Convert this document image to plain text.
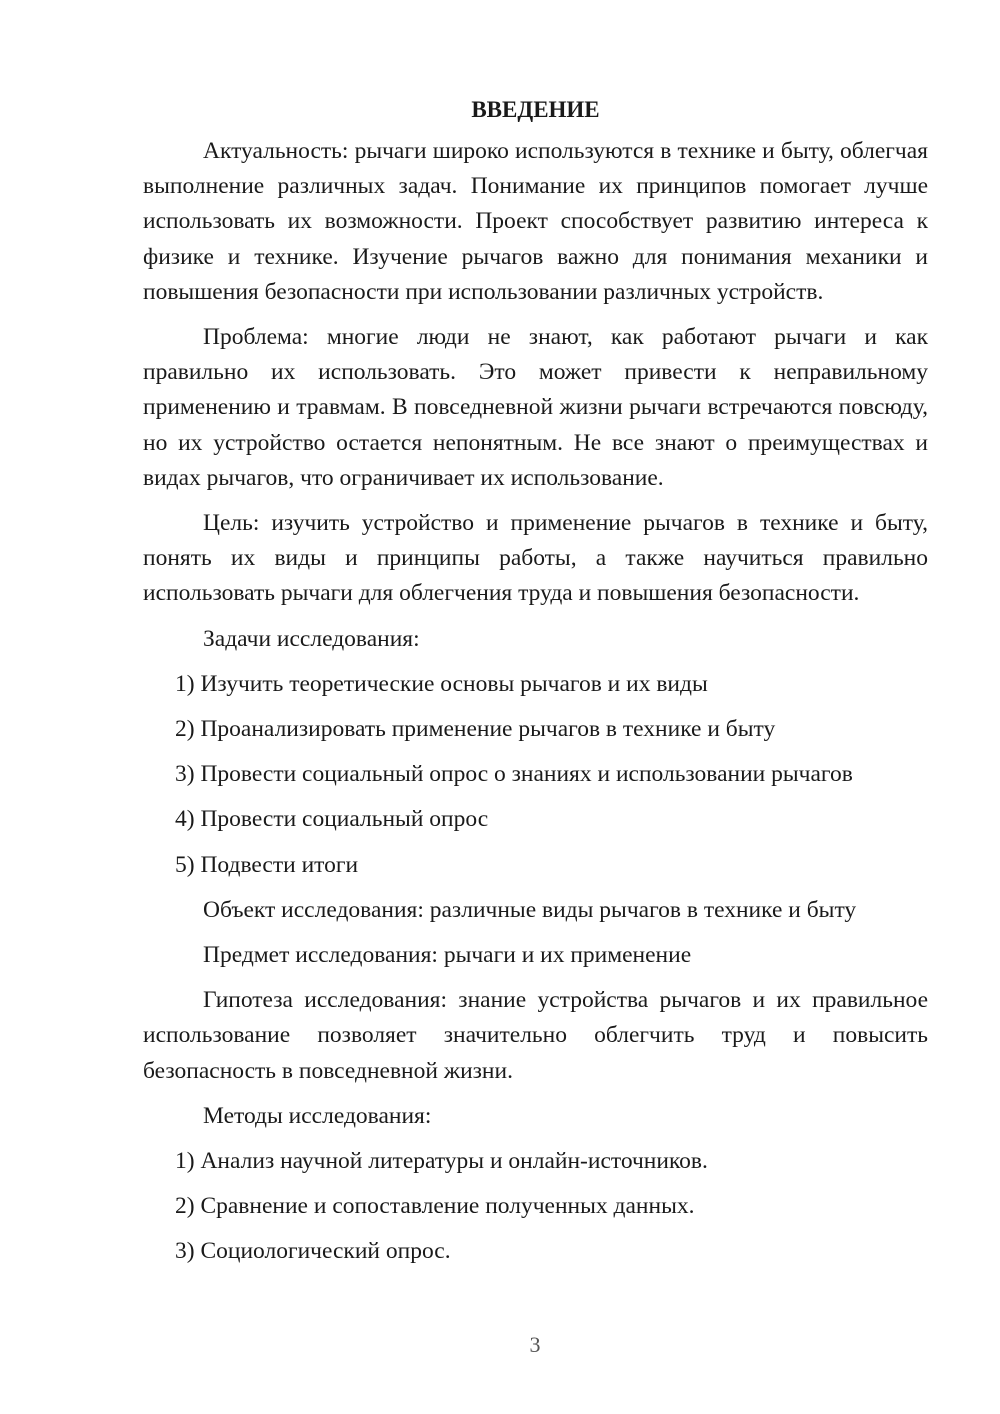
ВВЕДЕНИЕ

Актуальность: рычаги широко используются в технике и быту, облегчая выполнение различных задач. Понимание их принципов помогает лучше использовать их возможности. Проект способствует развитию интереса к физике и технике. Изучение рычагов важно для понимания механики и повышения безопасности при использовании различных устройств.

Проблема: многие люди не знают, как работают рычаги и как правильно их использовать. Это может привести к неправильному применению и травмам. В повседневной жизни рычаги встречаются повсюду, но их устройство остается непонятным. Не все знают о преимуществах и видах рычагов, что ограничивает их использование.

Цель: изучить устройство и применение рычагов в технике и быту, понять их виды и принципы работы, а также научиться правильно использовать рычаги для облегчения труда и повышения безопасности.

Задачи исследования:

1) Изучить теоретические основы рычагов и их виды

2) Проанализировать применение рычагов в технике и быту

3) Провести социальный опрос о знаниях и использовании рычагов

4) Провести социальный опрос

5) Подвести итоги

Объект исследования: различные виды рычагов в технике и быту

Предмет исследования: рычаги и их применение

Гипотеза исследования: знание устройства рычагов и их правильное использование позволяет значительно облегчить труд и повысить безопасность в повседневной жизни.

Методы исследования:

1) Анализ научной литературы и онлайн-источников.

2) Сравнение и сопоставление полученных данных.

3) Социологический опрос.

3
